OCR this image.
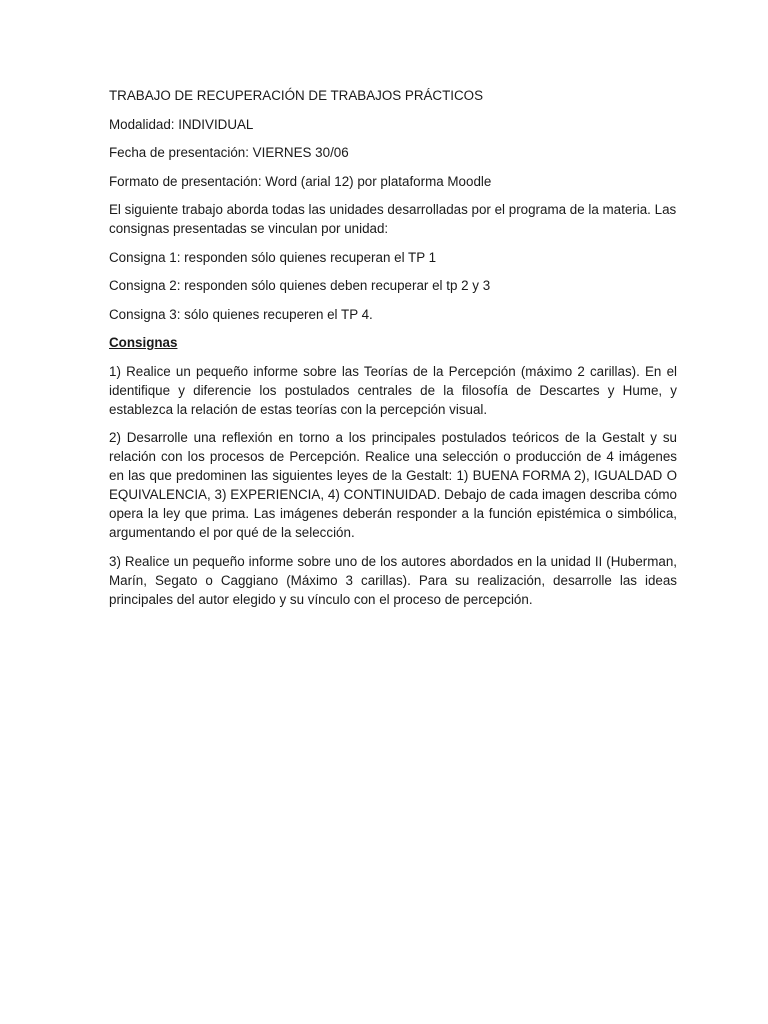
TRABAJO DE RECUPERACIÓN DE TRABAJOS PRÁCTICOS

Modalidad: INDIVIDUAL

Fecha de presentación: VIERNES 30/06

Formato de presentación: Word (arial 12) por plataforma Moodle

El siguiente trabajo aborda todas las unidades desarrolladas por el programa de la materia. Las consignas presentadas se vinculan por unidad:

Consigna 1: responden sólo quienes recuperan el TP 1

Consigna 2: responden sólo quienes deben recuperar el tp 2 y 3

Consigna 3: sólo quienes recuperen el TP 4.

Consignas

1) Realice un pequeño informe sobre las Teorías de la Percepción (máximo 2 carillas). En el identifique y diferencie los postulados centrales de la filosofía de Descartes y Hume, y establezca la relación de estas teorías con la percepción visual.

2) Desarrolle una reflexión en torno a los principales postulados teóricos de la Gestalt y su relación con los procesos de Percepción. Realice una selección o producción de 4 imágenes en las que predominen las siguientes leyes de la Gestalt: 1) BUENA FORMA 2), IGUALDAD O EQUIVALENCIA, 3) EXPERIENCIA, 4) CONTINUIDAD. Debajo de cada imagen describa cómo opera la ley que prima. Las imágenes deberán responder a la función epistémica o simbólica, argumentando el por qué de la selección.

3) Realice un pequeño informe sobre uno de los autores abordados en la unidad II (Huberman, Marín, Segato o Caggiano (Máximo 3 carillas). Para su realización, desarrolle las ideas principales del autor elegido y su vínculo con el proceso de percepción.
